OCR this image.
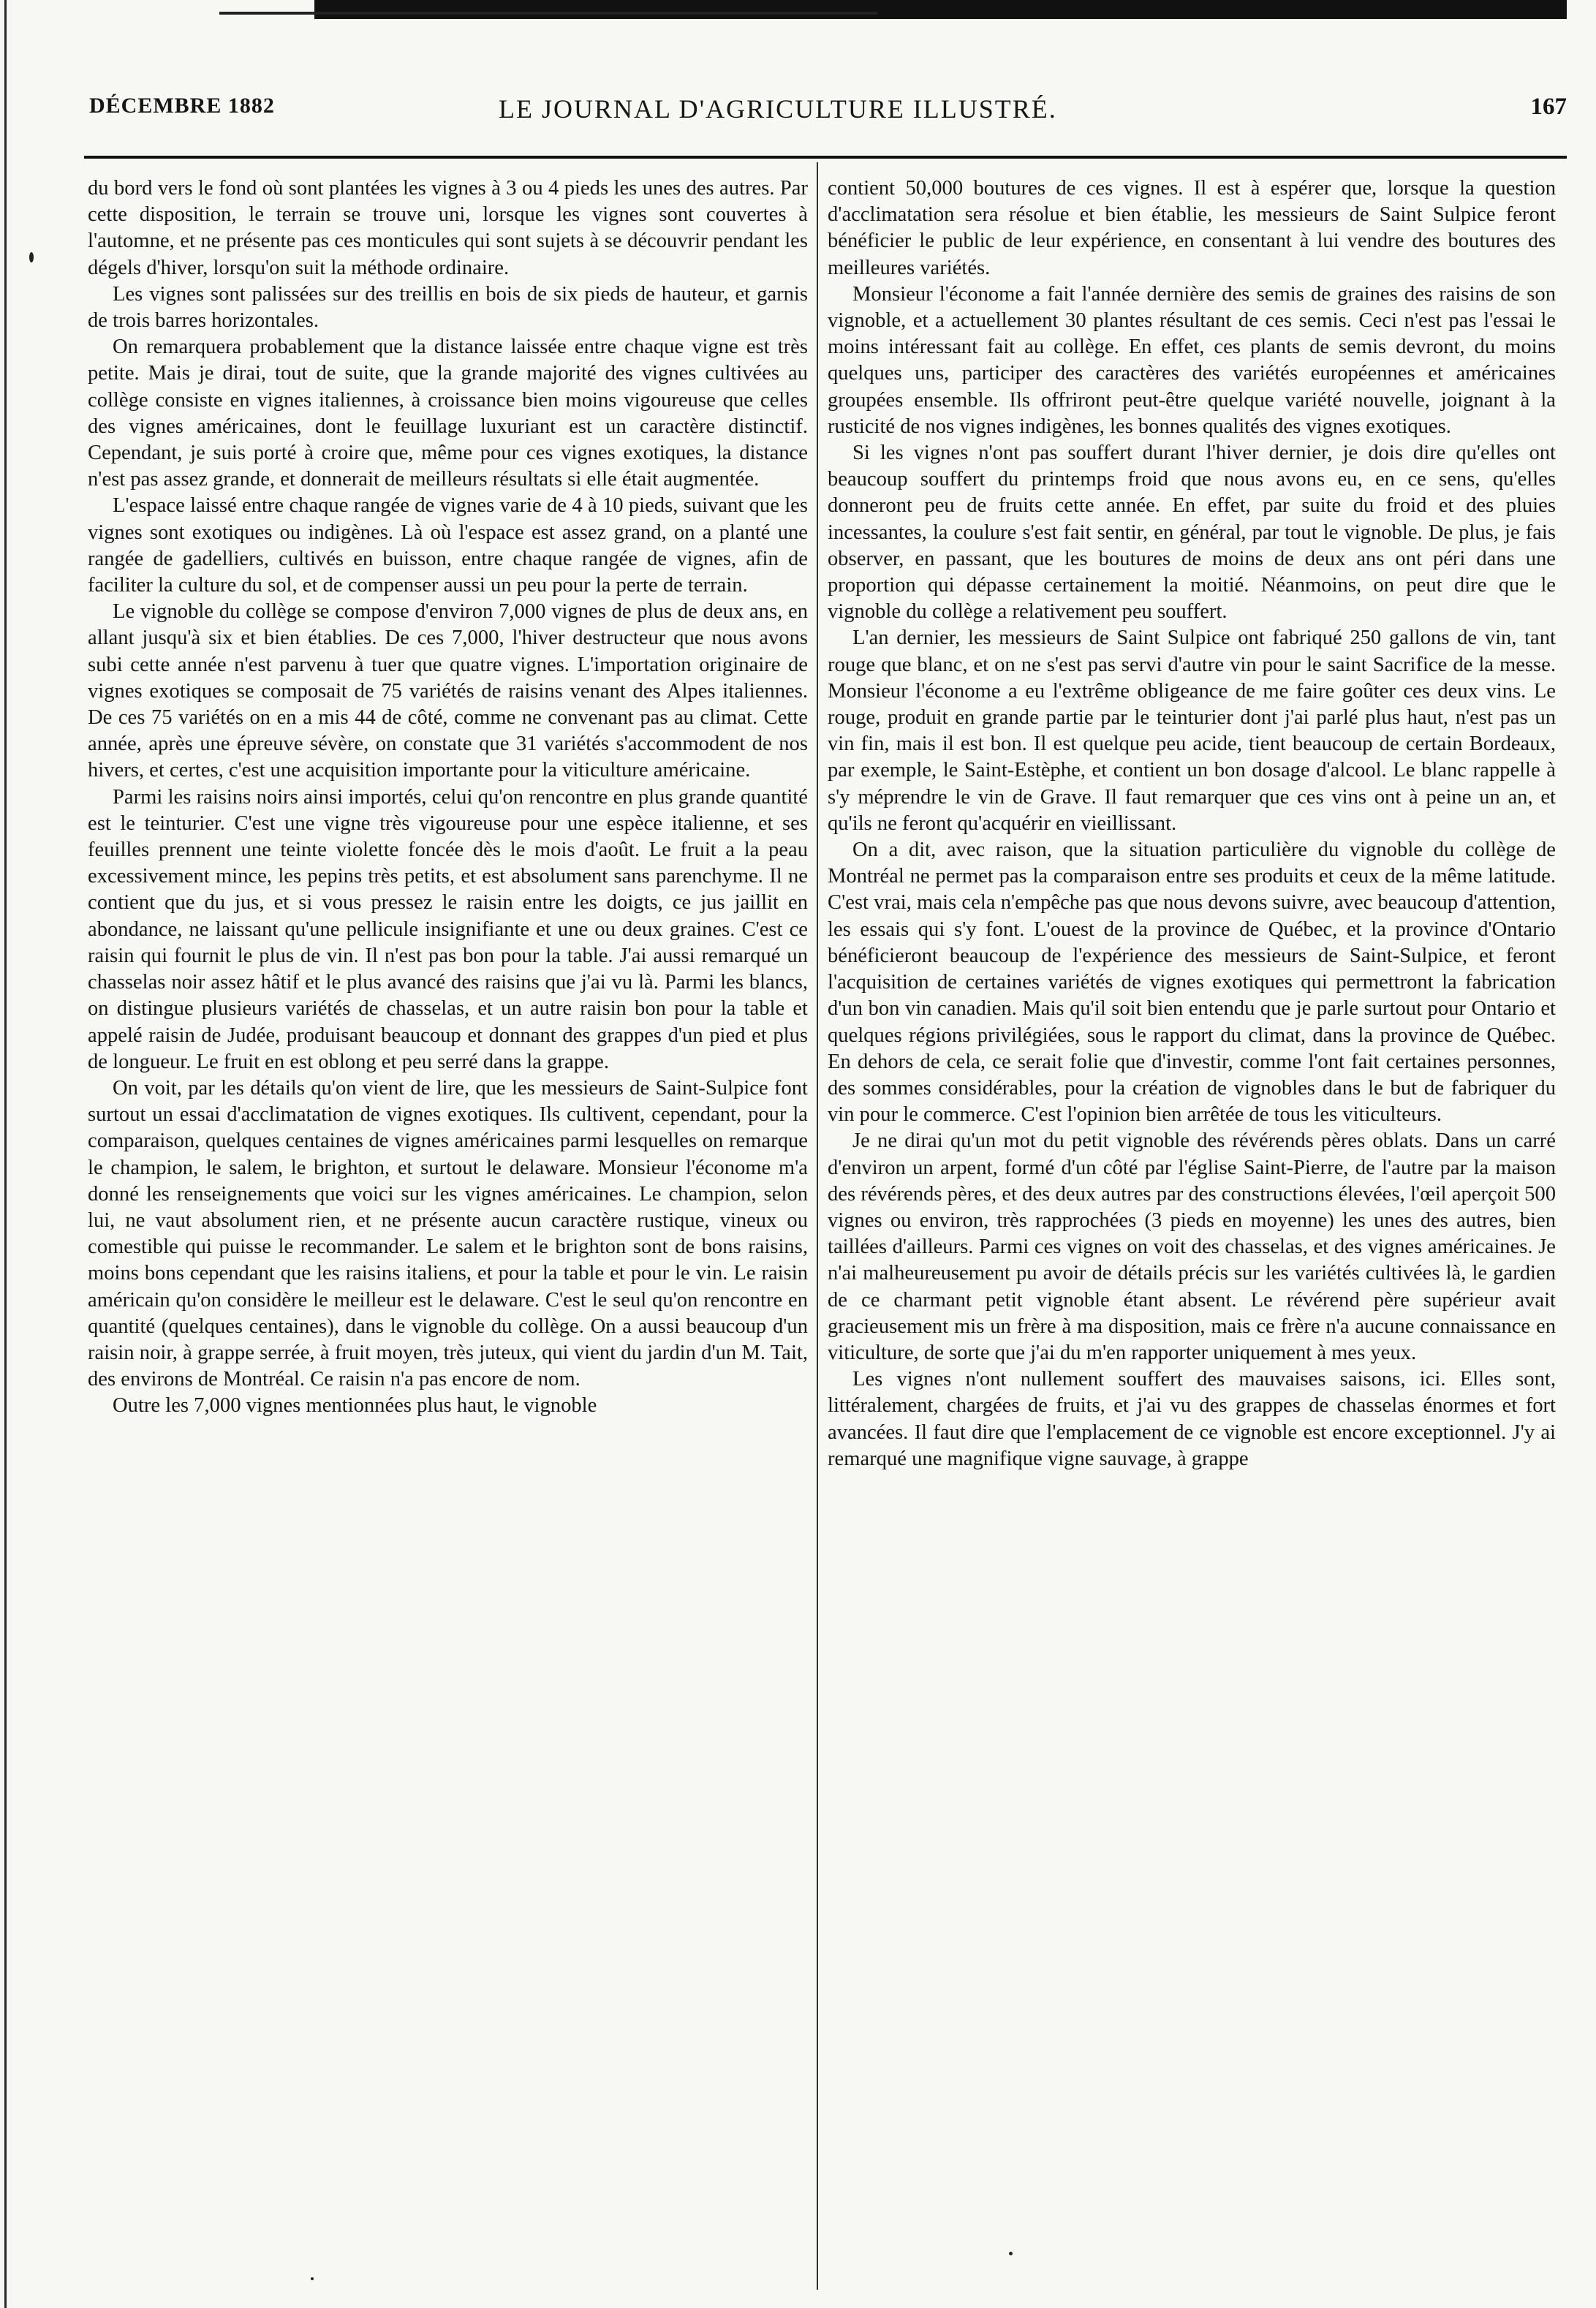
DÉCEMBRE 1882	LE JOURNAL D'AGRICULTURE ILLUSTRÉ.	167

du bord vers le fond où sont plantées les vignes à 3 ou 4 pieds les unes des autres. Par cette disposition, le terrain se trouve uni, lorsque les vignes sont couvertes à l'automne, et ne présente pas ces monticules qui sont sujets à se découvrir pendant les dégels d'hiver, lorsqu'on suit la méthode ordinaire.

Les vignes sont palissées sur des treillis en bois de six pieds de hauteur, et garnis de trois barres horizontales.

On remarquera probablement que la distance laissée entre chaque vigne est très petite. Mais je dirai, tout de suite, que la grande majorité des vignes cultivées au collège consiste en vignes italiennes, à croissance bien moins vigoureuse que celles des vignes américaines, dont le feuillage luxuriant est un caractère distinctif. Cependant, je suis porté à croire que, même pour ces vignes exotiques, la distance n'est pas assez grande, et donnerait de meilleurs résultats si elle était augmentée.

L'espace laissé entre chaque rangée de vignes varie de 4 à 10 pieds, suivant que les vignes sont exotiques ou indigènes. Là où l'espace est assez grand, on a planté une rangée de gadelliers, cultivés en buisson, entre chaque rangée de vignes, afin de faciliter la culture du sol, et de compenser aussi un peu pour la perte de terrain.

Le vignoble du collège se compose d'environ 7,000 vignes de plus de deux ans, en allant jusqu'à six et bien établies. De ces 7,000, l'hiver destructeur que nous avons subi cette année n'est parvenu à tuer que quatre vignes. L'importation originaire de vignes exotiques se composait de 75 variétés de raisins venant des Alpes italiennes. De ces 75 variétés on en a mis 44 de côté, comme ne convenant pas au climat. Cette année, après une épreuve sévère, on constate que 31 variétés s'accommodent de nos hivers, et certes, c'est une acquisition importante pour la viticulture américaine.

Parmi les raisins noirs ainsi importés, celui qu'on rencontre en plus grande quantité est le teinturier. C'est une vigne très vigoureuse pour une espèce italienne, et ses feuilles prennent une teinte violette foncée dès le mois d'août. Le fruit a la peau excessivement mince, les pepins très petits, et est absolument sans parenchyme. Il ne contient que du jus, et si vous pressez le raisin entre les doigts, ce jus jaillit en abondance, ne laissant qu'une pellicule insignifiante et une ou deux graines. C'est ce raisin qui fournit le plus de vin. Il n'est pas bon pour la table. J'ai aussi remarqué un chasselas noir assez hâtif et le plus avancé des raisins que j'ai vu là. Parmi les blancs, on distingue plusieurs variétés de chasselas, et un autre raisin bon pour la table et appelé raisin de Judée, produisant beaucoup et donnant des grappes d'un pied et plus de longueur. Le fruit en est oblong et peu serré dans la grappe.

On voit, par les détails qu'on vient de lire, que les messieurs de Saint-Sulpice font surtout un essai d'acclimatation de vignes exotiques. Ils cultivent, cependant, pour la comparaison, quelques centaines de vignes américaines parmi lesquelles on remarque le champion, le salem, le brighton, et surtout le delaware. Monsieur l'économe m'a donné les renseignements que voici sur les vignes américaines. Le champion, selon lui, ne vaut absolument rien, et ne présente aucun caractère rustique, vineux ou comestible qui puisse le recommander. Le salem et le brighton sont de bons raisins, moins bons cependant que les raisins italiens, et pour la table et pour le vin. Le raisin américain qu'on considère le meilleur est le delaware. C'est le seul qu'on rencontre en quantité (quelques centaines), dans le vignoble du collège. On a aussi beaucoup d'un raisin noir, à grappe serrée, à fruit moyen, très juteux, qui vient du jardin d'un M. Tait, des environs de Montréal. Ce raisin n'a pas encore de nom.

Outre les 7,000 vignes mentionnées plus haut, le vignoble

contient 50,000 boutures de ces vignes. Il est à espérer que, lorsque la question d'acclimatation sera résolue et bien établie, les messieurs de Saint Sulpice feront bénéficier le public de leur expérience, en consentant à lui vendre des boutures des meilleures variétés.

Monsieur l'économe a fait l'année dernière des semis de graines des raisins de son vignoble, et a actuellement 30 plantes résultant de ces semis. Ceci n'est pas l'essai le moins intéressant fait au collège. En effet, ces plants de semis devront, du moins quelques uns, participer des caractères des variétés européennes et américaines groupées ensemble. Ils offriront peut-être quelque variété nouvelle, joignant à la rusticité de nos vignes indigènes, les bonnes qualités des vignes exotiques.

Si les vignes n'ont pas souffert durant l'hiver dernier, je dois dire qu'elles ont beaucoup souffert du printemps froid que nous avons eu, en ce sens, qu'elles donneront peu de fruits cette année. En effet, par suite du froid et des pluies incessantes, la coulure s'est fait sentir, en général, par tout le vignoble. De plus, je fais observer, en passant, que les boutures de moins de deux ans ont péri dans une proportion qui dépasse certainement la moitié. Néanmoins, on peut dire que le vignoble du collège a relativement peu souffert.

L'an dernier, les messieurs de Saint Sulpice ont fabriqué 250 gallons de vin, tant rouge que blanc, et on ne s'est pas servi d'autre vin pour le saint Sacrifice de la messe. Monsieur l'économe a eu l'extrême obligeance de me faire goûter ces deux vins. Le rouge, produit en grande partie par le teinturier dont j'ai parlé plus haut, n'est pas un vin fin, mais il est bon. Il est quelque peu acide, tient beaucoup de certain Bordeaux, par exemple, le Saint-Estèphe, et contient un bon dosage d'alcool. Le blanc rappelle à s'y méprendre le vin de Grave. Il faut remarquer que ces vins ont à peine un an, et qu'ils ne feront qu'acquérir en vieillissant.

On a dit, avec raison, que la situation particulière du vignoble du collège de Montréal ne permet pas la comparaison entre ses produits et ceux de la même latitude. C'est vrai, mais cela n'empêche pas que nous devons suivre, avec beaucoup d'attention, les essais qui s'y font. L'ouest de la province de Québec, et la province d'Ontario bénéficieront beaucoup de l'expérience des messieurs de Saint-Sulpice, et feront l'acquisition de certaines variétés de vignes exotiques qui permettront la fabrication d'un bon vin canadien. Mais qu'il soit bien entendu que je parle surtout pour Ontario et quelques régions privilégiées, sous le rapport du climat, dans la province de Québec. En dehors de cela, ce serait folie que d'investir, comme l'ont fait certaines personnes, des sommes considérables, pour la création de vignobles dans le but de fabriquer du vin pour le commerce. C'est l'opinion bien arrêtée de tous les viticulteurs.

Je ne dirai qu'un mot du petit vignoble des révérends pères oblats. Dans un carré d'environ un arpent, formé d'un côté par l'église Saint-Pierre, de l'autre par la maison des révérends pères, et des deux autres par des constructions élevées, l'œil aperçoit 500 vignes ou environ, très rapprochées (3 pieds en moyenne) les unes des autres, bien taillées d'ailleurs. Parmi ces vignes on voit des chasselas, et des vignes américaines. Je n'ai malheureusement pu avoir de détails précis sur les variétés cultivées là, le gardien de ce charmant petit vignoble étant absent. Le révérend père supérieur avait gracieusement mis un frère à ma disposition, mais ce frère n'a aucune connaissance en viticulture, de sorte que j'ai du m'en rapporter uniquement à mes yeux.

Les vignes n'ont nullement souffert des mauvaises saisons, ici. Elles sont, littéralement, chargées de fruits, et j'ai vu des grappes de chasselas énormes et fort avancées. Il faut dire que l'emplacement de ce vignoble est encore exceptionnel. J'y ai remarqué une magnifique vigne sauvage, à grappe
